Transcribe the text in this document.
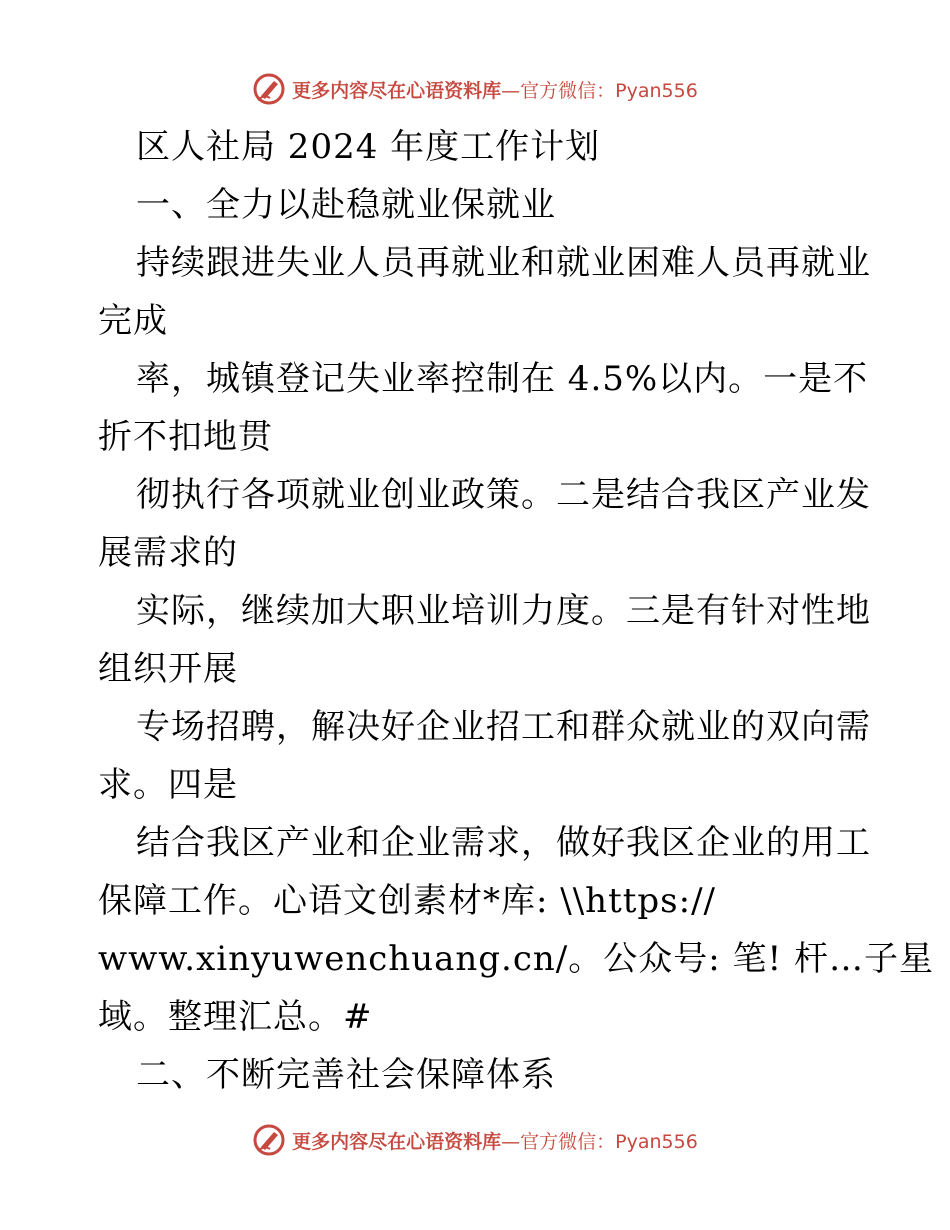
更多内容尽在心语资料库—官方微信：Pyan556
区人社局 2024 年度工作计划
一、全力以赴稳就业保就业
持续跟进失业人员再就业和就业困难人员再就业
完成
率，城镇登记失业率控制在 4.5%以内。一是不
折不扣地贯
彻执行各项就业创业政策。二是结合我区产业发
展需求的
实际，继续加大职业培训力度。三是有针对性地
组织开展
专场招聘，解决好企业招工和群众就业的双向需
求。四是
结合我区产业和企业需求，做好我区企业的用工
保障工作。心语文创素材*库: \\https://
www.xinyuwenchuang.cn/。公众号: 笔! 杆…子星
域。整理汇总。#
二、不断完善社会保障体系
更多内容尽在心语资料库—官方微信：Pyan556
